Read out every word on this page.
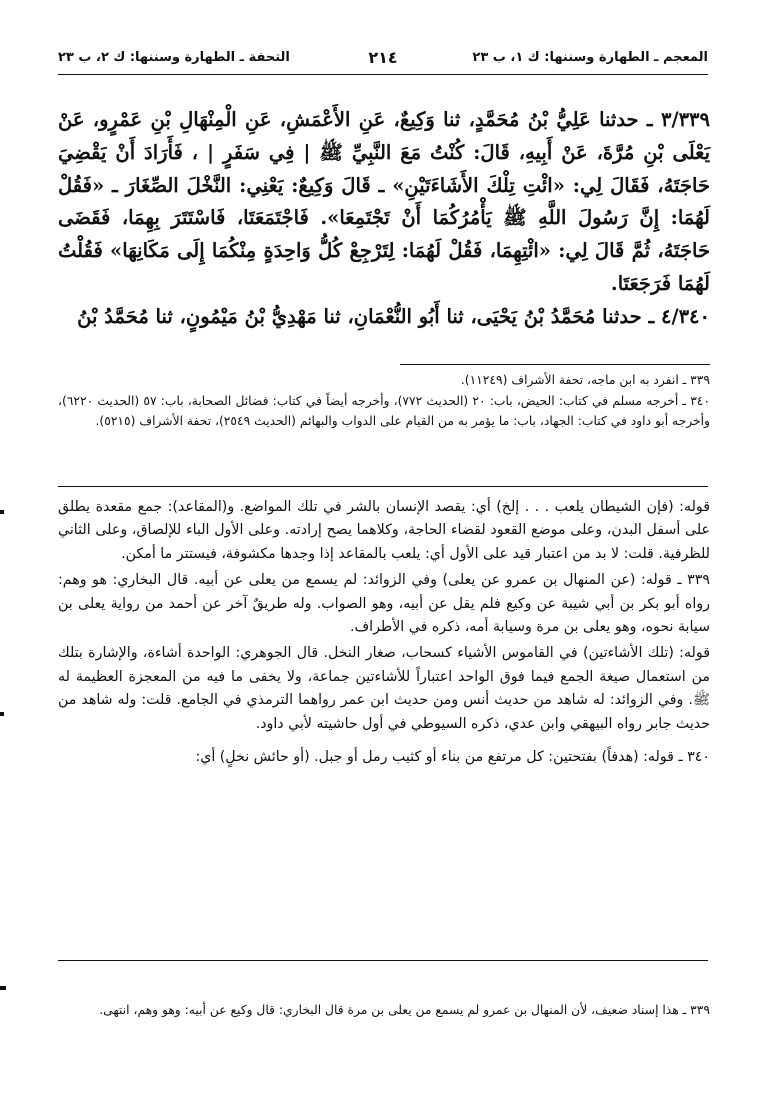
المعجم ـ الطهارة وسننها: ك ١، ب ٢٣
٢١٤
التحفة ـ الطهارة وسننها: ك ٢، ب ٢٣

٣/٣٣٩ ـ حدثنا عَلِيُّ بْنُ مُحَمَّدٍ، ثنا وَكِيعٌ، عَنِ الأَعْمَشِ، عَنِ الْمِنْهَالِ بْنِ عَمْرٍو، عَنْ يَعْلَى بْنِ مُرَّةَ، عَنْ أَبِيهِ، قَالَ: كُنْتُ مَعَ النَّبِيِّ ﷺ | فِي سَفَرٍ | ، فَأَرَادَ أَنْ يَقْضِيَ حَاجَتَهُ، فَقَالَ لِي: «ائْتِ تِلْكَ الأَشَاءَتَيْنِ» ـ قَالَ وَكِيعٌ: يَعْنِي: النَّخْلَ الصِّغَارَ ـ «فَقُلْ لَهُمَا: إِنَّ رَسُولَ اللَّهِ ﷺ يَأْمُرُكُمَا أَنْ تَجْتَمِعَا». فَاجْتَمَعَتَا، فَاسْتَتَرَ بِهِمَا، فَقَضَى حَاجَتَهُ، ثُمَّ قَالَ لِي: «ائْتِهِمَا، فَقُلْ لَهُمَا: لِتَرْجِعْ كُلُّ وَاحِدَةٍ مِنْكُمَا إِلَى مَكَانِهَا» فَقُلْتُ لَهُمَا فَرَجَعَتَا.

٤/٣٤٠ ـ حدثنا مُحَمَّدُ بْنُ يَحْيَى، ثنا أَبُو النُّعْمَانِ، ثنا مَهْدِيُّ بْنُ مَيْمُونٍ، ثنا مُحَمَّدُ بْنُ

٣٣٩ ـ انفرد به ابن ماجه، تحفة الأشراف (١١٢٤٩).

٣٤٠ ـ أخرجه مسلم في كتاب: الحيض، باب: ٢٠ (الحديث ٧٧٢)، وأخرجه أيضاً في كتاب: فضائل الصحابة، باب: ٥٧ (الحديث ٦٢٢٠)، وأخرجه أبو داود في كتاب: الجهاد، باب: ما يؤمر به من القيام على الدواب والبهائم (الحديث ٢٥٤٩)، تحفة الأشراف (٥٢١٥).

قوله: (فإن الشيطان يلعب . . . إلخ) أي: يقصد الإنسان بالشر في تلك المواضع. و(المقاعد): جمع مقعدة يطلق على أسفل البدن، وعلى موضع القعود لقضاء الحاجة، وكلاهما يصح إرادته. وعلى الأول الباء للإلصاق، وعلى الثاني للظرفية. قلت: لا بد من اعتبار قيد على الأول أي: يلعب بالمقاعد إذا وجدها مكشوفة، فيستتر ما أمكن.

٣٣٩ ـ قوله: (عن المنهال بن عمرو عن يعلى) وفي الزوائد: لم يسمع من يعلى عن أبيه. قال البخاري: هو وهم: رواه أبو بكر بن أبي شيبة عن وكيع فلم يقل عن أبيه، وهو الصواب. وله طريقٌ آخر عن أحمد من رواية يعلى بن سيابة نحوه، وهو يعلى بن مرة وسيابة أمه، ذكره في الأطراف.

قوله: (تلك الأشاءتين) في القاموس الأشياء كسحاب، صغار النخل. قال الجوهري: الواحدة أشاءة، والإشارة بتلك من استعمال صيغة الجمع فيما فوق الواحد اعتباراً للأشاءتين جماعة، ولا يخفى ما فيه من المعجزة العظيمة له ﷺ. وفي الزوائد: له شاهد من حديث أنس ومن حديث ابن عمر رواهما الترمذي في الجامع. قلت: وله شاهد من حديث جابر رواه البيهقي وابن عدي، ذكره السيوطي في أول حاشيته لأبي داود.

٣٤٠ ـ قوله: (هدفاً) بفتحتين: كل مرتفع من بناء أو كثيب رمل أو جبل. (أو حائش نخلٍ) أي:

٣٣٩ ـ هذا إسناد ضعيف، لأن المنهال بن عمرو لم يسمع من يعلى بن مرة قال البخاري: قال وكيع عن أبيه: وهو وهم، انتهى.
